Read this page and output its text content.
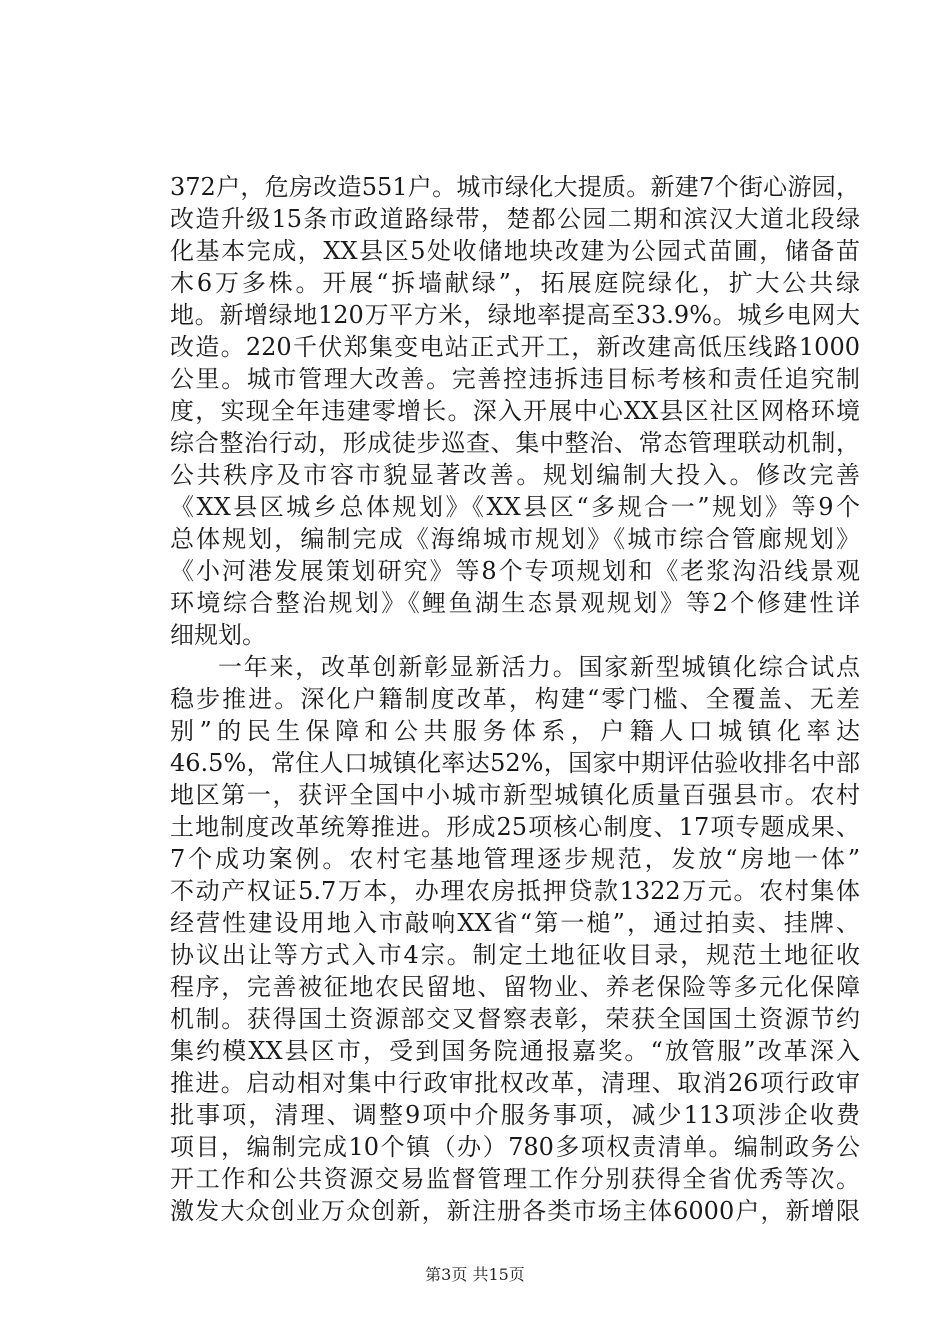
372户，危房改造551户。城市绿化大提质。新建7个街心游园，
改造升级15条市政道路绿带，楚都公园二期和滨汉大道北段绿
化基本完成，XX县区5处收储地块改建为公园式苗圃，储备苗
木6万多株。开展“拆墙献绿”，拓展庭院绿化，扩大公共绿
地。新增绿地120万平方米，绿地率提高至33.9%。城乡电网大
改造。220千伏郑集变电站正式开工，新改建高低压线路1000
公里。城市管理大改善。完善控违拆违目标考核和责任追究制
度，实现全年违建零增长。深入开展中心XX县区社区网格环境
综合整治行动，形成徒步巡查、集中整治、常态管理联动机制，
公共秩序及市容市貌显著改善。规划编制大投入。修改完善
《XX县区城乡总体规划》《XX县区“多规合一”规划》等9个
总体规划，编制完成《海绵城市规划》《城市综合管廊规划》
《小河港发展策划研究》等8个专项规划和《老浆沟沿线景观
环境综合整治规划》《鲤鱼湖生态景观规划》等2个修建性详
细规划。
一年来，改革创新彰显新活力。国家新型城镇化综合试点
稳步推进。深化户籍制度改革，构建“零门槛、全覆盖、无差
别”的民生保障和公共服务体系，户籍人口城镇化率达
46.5%，常住人口城镇化率达52%，国家中期评估验收排名中部
地区第一，获评全国中小城市新型城镇化质量百强县市。农村
土地制度改革统筹推进。形成25项核心制度、17项专题成果、
7个成功案例。农村宅基地管理逐步规范，发放“房地一体”
不动产权证5.7万本，办理农房抵押贷款1322万元。农村集体
经营性建设用地入市敲响XX省“第一槌”，通过拍卖、挂牌、
协议出让等方式入市4宗。制定土地征收目录，规范土地征收
程序，完善被征地农民留地、留物业、养老保险等多元化保障
机制。获得国土资源部交叉督察表彰，荣获全国国土资源节约
集约模XX县区市，受到国务院通报嘉奖。“放管服”改革深入
推进。启动相对集中行政审批权改革，清理、取消26项行政审
批事项，清理、调整9项中介服务事项，减少113项涉企收费
项目，编制完成10个镇（办）780多项权责清单。编制政务公
开工作和公共资源交易监督管理工作分别获得全省优秀等次。
激发大众创业万众创新，新注册各类市场主体6000户，新增限
第3页 共15页
